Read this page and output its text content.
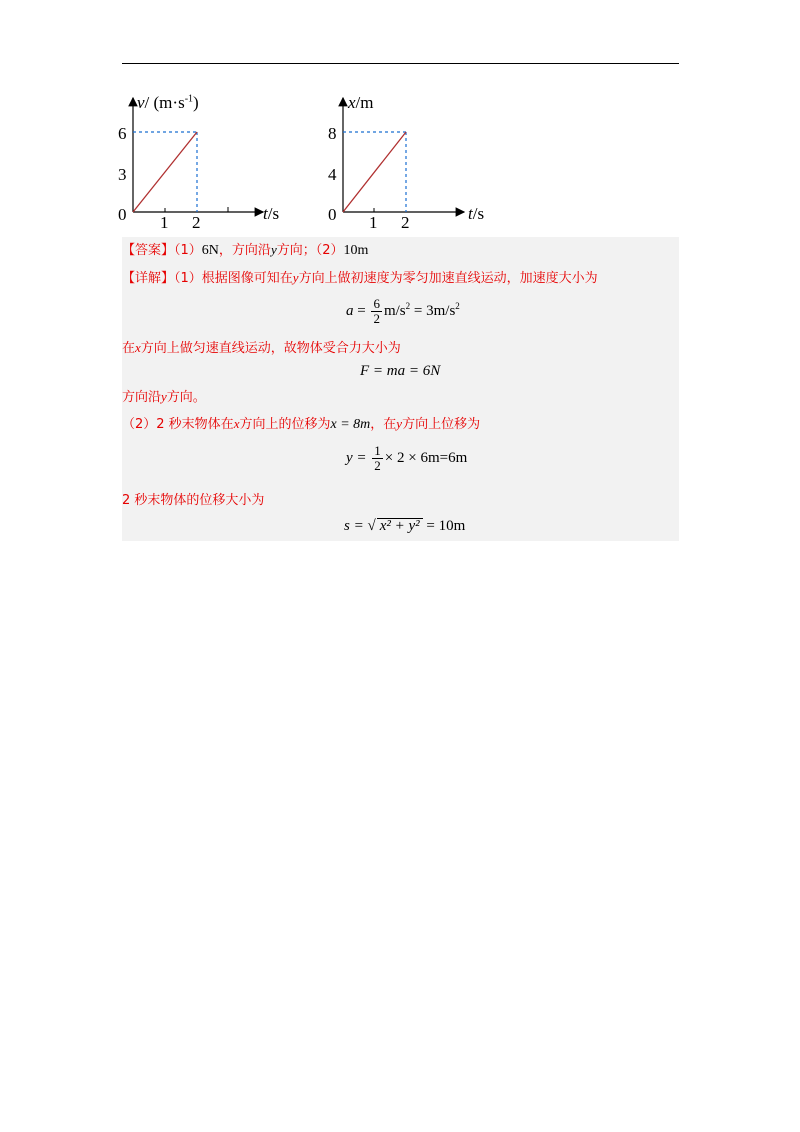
v/ $(m\cdot s^{-1})$
0
3
6
1 2	t/s
x/m
0
4
8
1 2	t/s
【答案】（1）6N，方向沿y方向；（2）10m
【详解】（1）根据图像可知在y方向上做初速度为零匀加速直线运动，加速度大小为
$a = \frac{6}{2} m/s^2 = 3m/s^2$
在x方向上做匀速直线运动，故物体受合力大小为
F = ma = 6N
方向沿y方向。
（2）2 秒末物体在x方向上的位移为x = 8m，在y方向上位移为
$y = \frac{1}{2} \times 2 \times 6m=6m$
2 秒末物体的位移大小为
s = √ x² + y² = 10m
